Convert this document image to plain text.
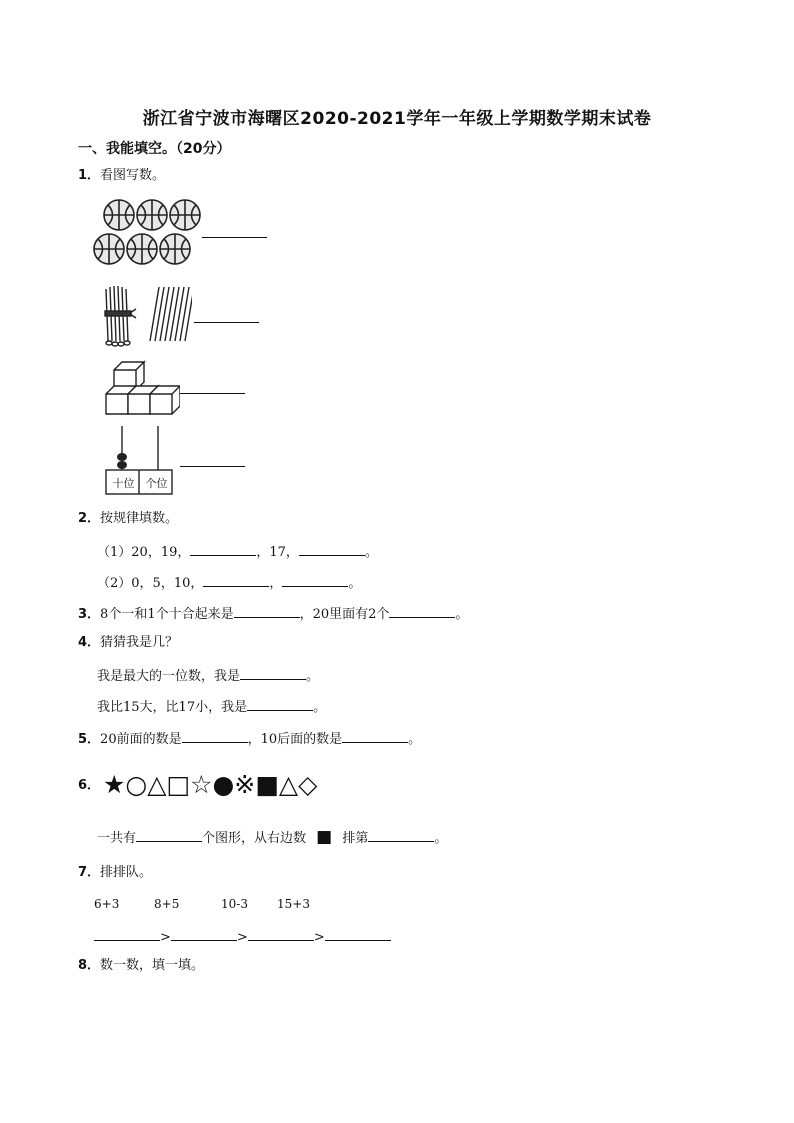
浙江省宁波市海曙区2020-2021学年一年级上学期数学期末试卷
一、我能填空。（20分）
1．看图写数。
十位	个位
2．按规律填数。
（1）20，19，	，17，	。
（2）0，5，10，	，	。
3．8个一和1个十合起来是	，20里面有2个	。
4．猜猜我是几？
我是最大的一位数，我是	。
我比15大，比17小，我是	。
5．20前面的数是	，10后面的数是	。
6． ★○△□☆●※■△◇
一共有	个图形，从右边数 ■ 排第	。
7．排排队。
6+3	8+5	10-3 15+3
>	>	>
8．数一数，填一填。
